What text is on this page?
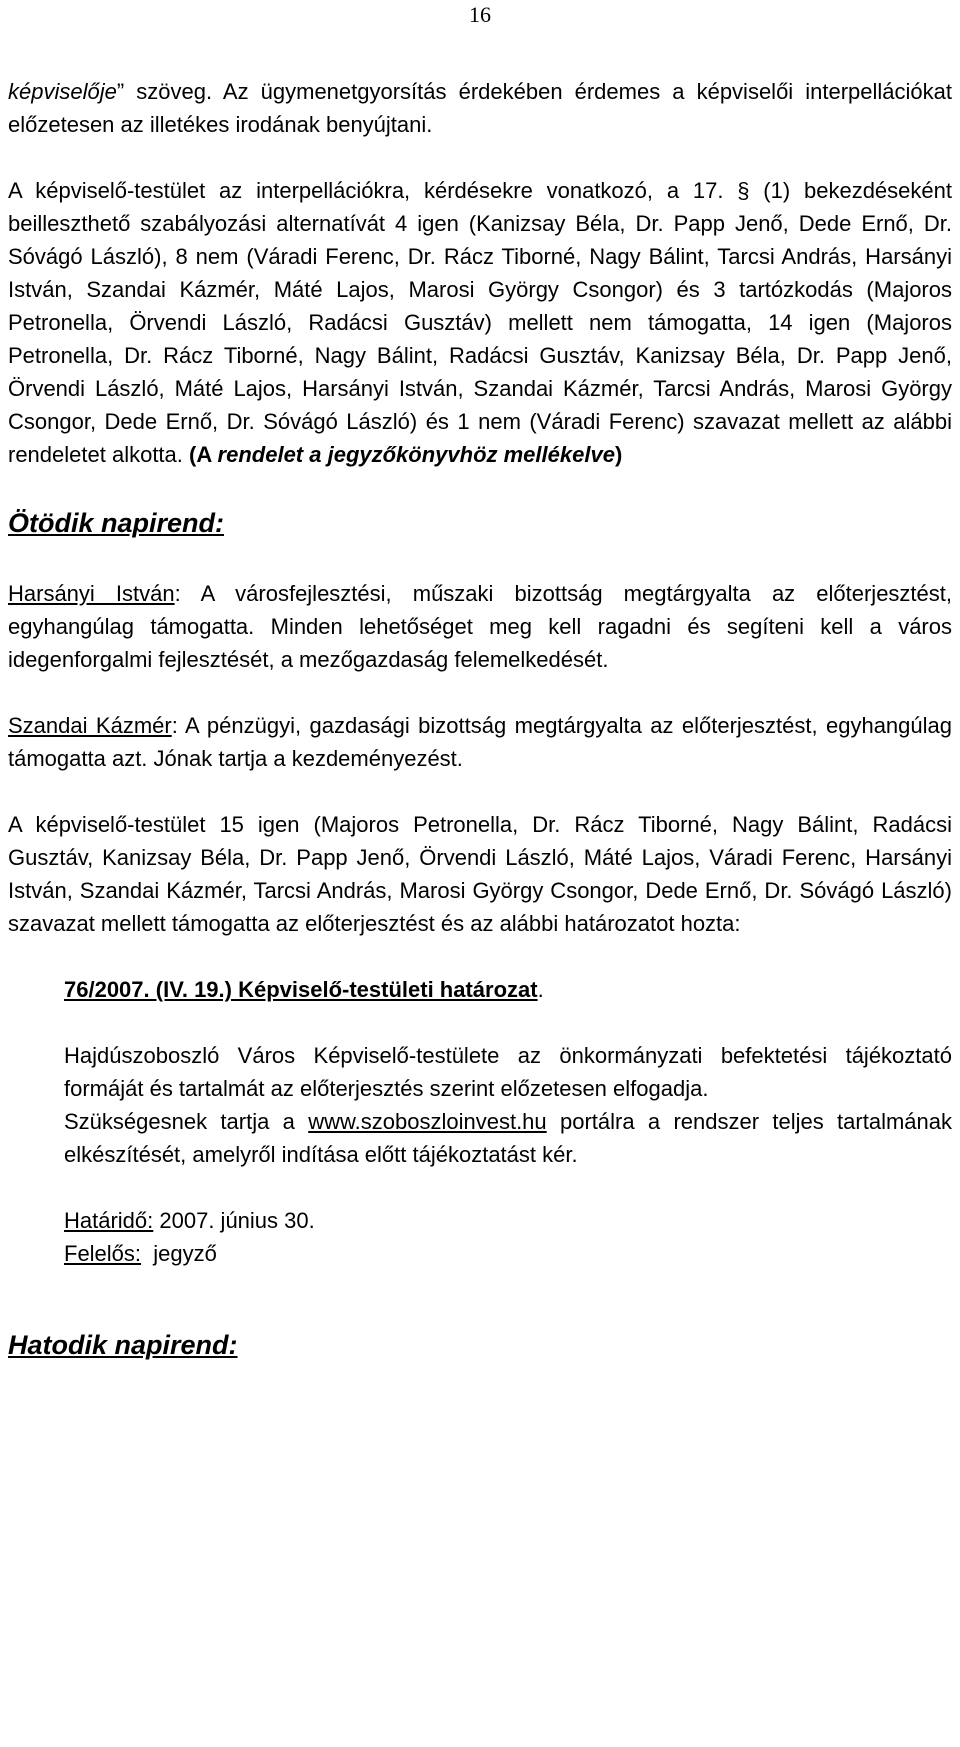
16

képviselője” szöveg. Az ügymenetgyorsítás érdekében érdemes a képviselői interpellációkat előzetesen az illetékes irodának benyújtani.

A képviselő-testület az interpellációkra, kérdésekre vonatkozó, a 17. § (1) bekezdéseként beilleszthető szabályozási alternatívát 4 igen (Kanizsay Béla, Dr. Papp Jenő, Dede Ernő, Dr. Sóvágó László), 8 nem (Váradi Ferenc, Dr. Rácz Tiborné, Nagy Bálint, Tarcsi András, Harsányi István, Szandai Kázmér, Máté Lajos, Marosi György Csongor) és 3 tartózkodás (Majoros Petronella, Örvendi László, Radácsi Gusztáv) mellett nem támogatta, 14 igen (Majoros Petronella, Dr. Rácz Tiborné, Nagy Bálint, Radácsi Gusztáv, Kanizsay Béla, Dr. Papp Jenő, Örvendi László, Máté Lajos, Harsányi István, Szandai Kázmér, Tarcsi András, Marosi György Csongor, Dede Ernő, Dr. Sóvágó László) és 1 nem (Váradi Ferenc) szavazat mellett az alábbi rendeletet alkotta. (A rendelet a jegyzőkönyvhöz mellékelve)

Ötödik napirend:

Harsányi István: A városfejlesztési, műszaki bizottság megtárgyalta az előterjesztést, egyhangúlag támogatta. Minden lehetőséget meg kell ragadni és segíteni kell a város idegenforgalmi fejlesztését, a mezőgazdaság felemelkedését.

Szandai Kázmér: A pénzügyi, gazdasági bizottság megtárgyalta az előterjesztést, egyhangúlag támogatta azt. Jónak tartja a kezdeményezést.

A képviselő-testület 15 igen (Majoros Petronella, Dr. Rácz Tiborné, Nagy Bálint, Radácsi Gusztáv, Kanizsay Béla, Dr. Papp Jenő, Örvendi László, Máté Lajos, Váradi Ferenc, Harsányi István, Szandai Kázmér, Tarcsi András, Marosi György Csongor, Dede Ernő, Dr. Sóvágó László) szavazat mellett támogatta az előterjesztést és az alábbi határozatot hozta:

76/2007. (IV. 19.) Képviselő-testületi határozat.

Hajdúszoboszló Város Képviselő-testülete az önkormányzati befektetési tájékoztató formáját és tartalmát az előterjesztés szerint előzetesen elfogadja.

Szükségesnek tartja a www.szoboszloinvest.hu portálra a rendszer teljes tartalmának elkészítését, amelyről indítása előtt tájékoztatást kér.

Határidő: 2007. június 30.

Felelős:  jegyző

Hatodik napirend:
